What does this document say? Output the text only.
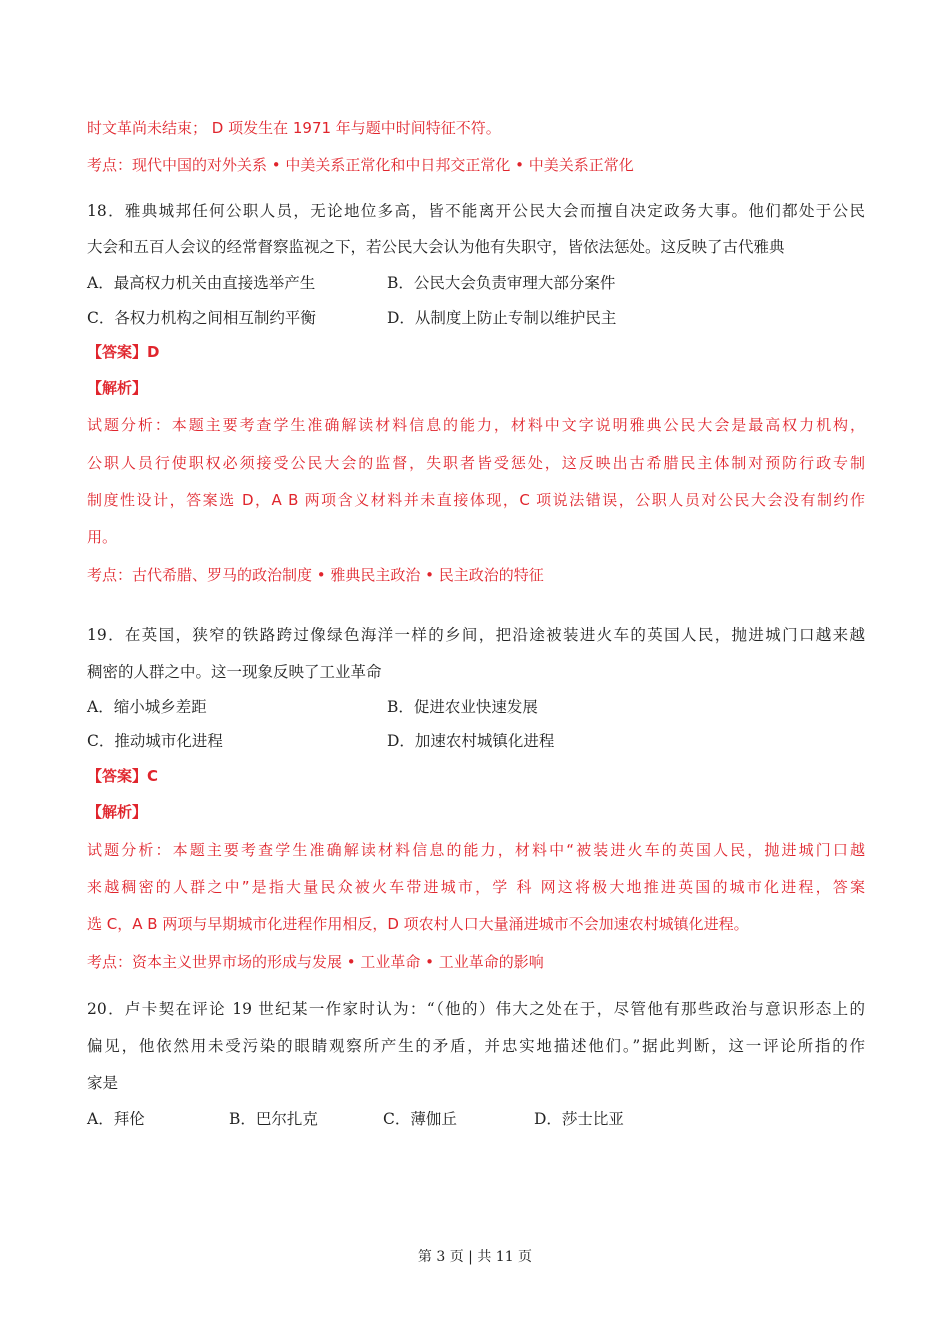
时文革尚未结束； D 项发生在 1971 年与题中时间特征不符。
考点：现代中国的对外关系 • 中美关系正常化和中日邦交正常化 • 中美关系正常化
18．雅典城邦任何公职人员，无论地位多高，皆不能离开公民大会而擅自决定政务大事。他们都处于公民
大会和五百人会议的经常督察监视之下，若公民大会认为他有失职守，皆依法惩处。这反映了古代雅典
A．最高权力机关由直接选举产生	B．公民大会负责审理大部分案件
C．各权力机构之间相互制约平衡	D．从制度上防止专制以维护民主
【答案】D
【解析】
试题分析：本题主要考查学生准确解读材料信息的能力，材料中文字说明雅典公民大会是最高权力机构，
公职人员行使职权必须接受公民大会的监督，失职者皆受惩处，这反映出古希腊民主体制对预防行政专制
制度性设计，答案选 D，A B 两项含义材料并未直接体现，C 项说法错误，公职人员对公民大会没有制约作
用。
考点：古代希腊、罗马的政治制度 • 雅典民主政治 • 民主政治的特征
19．在英国，狭窄的铁路跨过像绿色海洋一样的乡间，把沿途被装进火车的英国人民，抛进城门口越来越
稠密的人群之中。这一现象反映了工业革命
A．缩小城乡差距	B．促进农业快速发展
C．推动城市化进程	D．加速农村城镇化进程
【答案】C
【解析】
试题分析：本题主要考查学生准确解读材料信息的能力，材料中“被装进火车的英国人民，抛进城门口越
来越稠密的人群之中”是指大量民众被火车带进城市，学 科 网这将极大地推进英国的城市化进程，答案
选 C，A B 两项与早期城市化进程作用相反，D 项农村人口大量涌进城市不会加速农村城镇化进程。
考点：资本主义世界市场的形成与发展 • 工业革命 • 工业革命的影响
20．卢卡契在评论 19 世纪某一作家时认为：“（他的）伟大之处在于，尽管他有那些政治与意识形态上的
偏见，他依然用未受污染的眼睛观察所产生的矛盾，并忠实地描述他们。”据此判断，这一评论所指的作
家是
A．拜伦	B．巴尔扎克	C．薄伽丘	D．莎士比亚
第 3 页 | 共 11 页
